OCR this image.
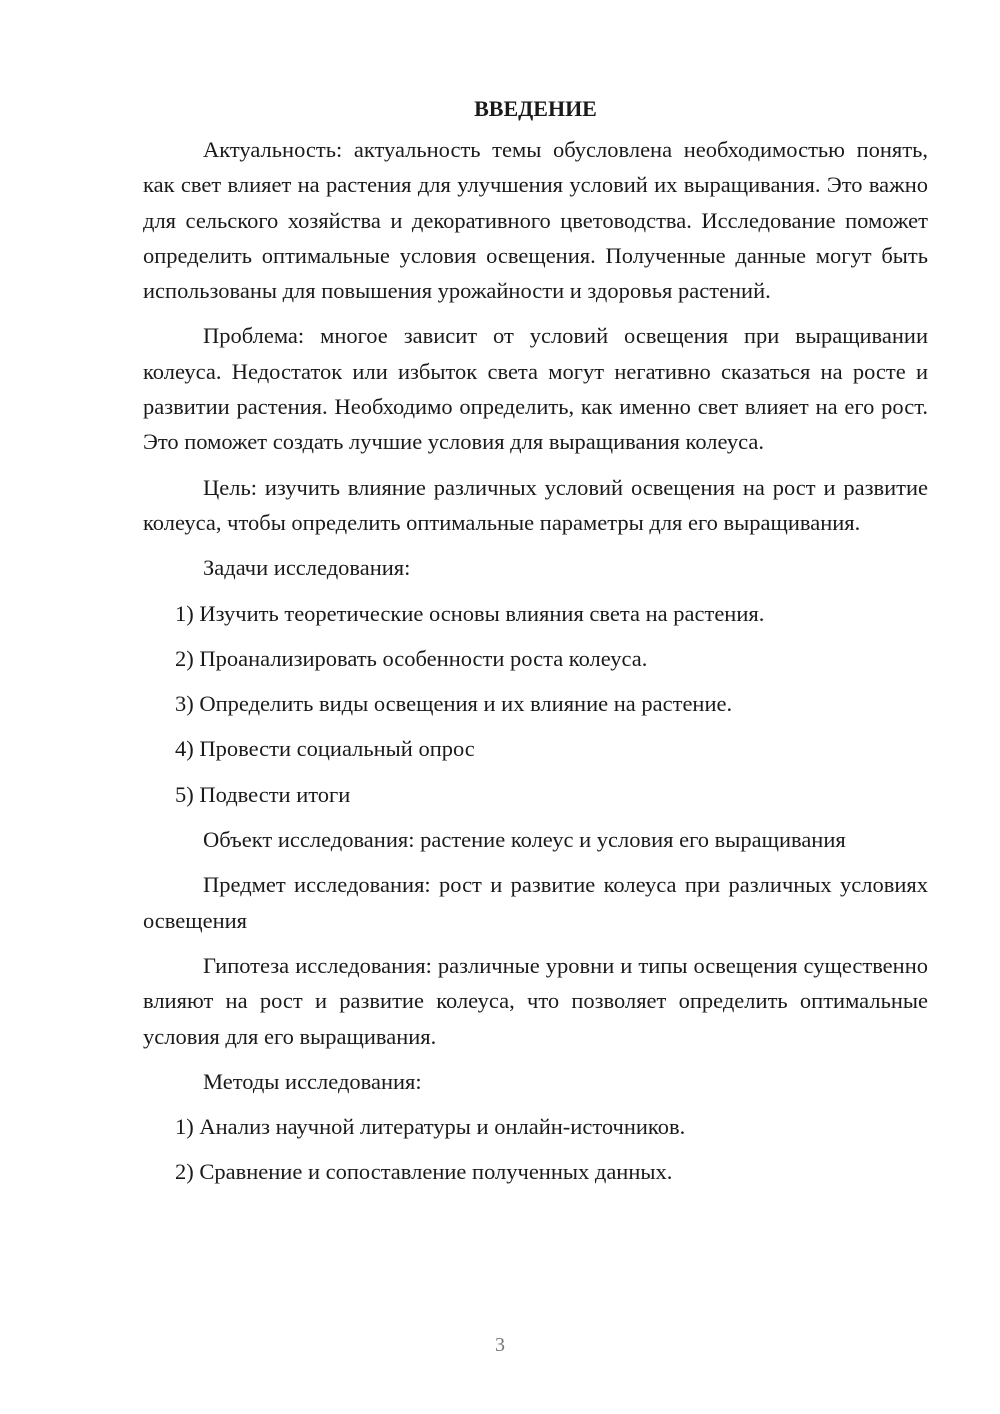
ВВЕДЕНИЕ

Актуальность: актуальность темы обусловлена необходимостью понять, как свет влияет на растения для улучшения условий их выращивания. Это важно для сельского хозяйства и декоративного цветоводства. Исследование поможет определить оптимальные условия освещения. Полученные данные могут быть использованы для повышения урожайности и здоровья растений.

Проблема: многое зависит от условий освещения при выращивании колеуса. Недостаток или избыток света могут негативно сказаться на росте и развитии растения. Необходимо определить, как именно свет влияет на его рост. Это поможет создать лучшие условия для выращивания колеуса.

Цель: изучить влияние различных условий освещения на рост и развитие колеуса, чтобы определить оптимальные параметры для его выращивания.

Задачи исследования:

1) Изучить теоретические основы влияния света на растения.
2) Проанализировать особенности роста колеуса.
3) Определить виды освещения и их влияние на растение.
4) Провести социальный опрос
5) Подвести итоги

Объект исследования: растение колеус и условия его выращивания

Предмет исследования: рост и развитие колеуса при различных условиях освещения

Гипотеза исследования: различные уровни и типы освещения существенно влияют на рост и развитие колеуса, что позволяет определить оптимальные условия для его выращивания.

Методы исследования:

1) Анализ научной литературы и онлайн-источников.
2) Сравнение и сопоставление полученных данных.
3
